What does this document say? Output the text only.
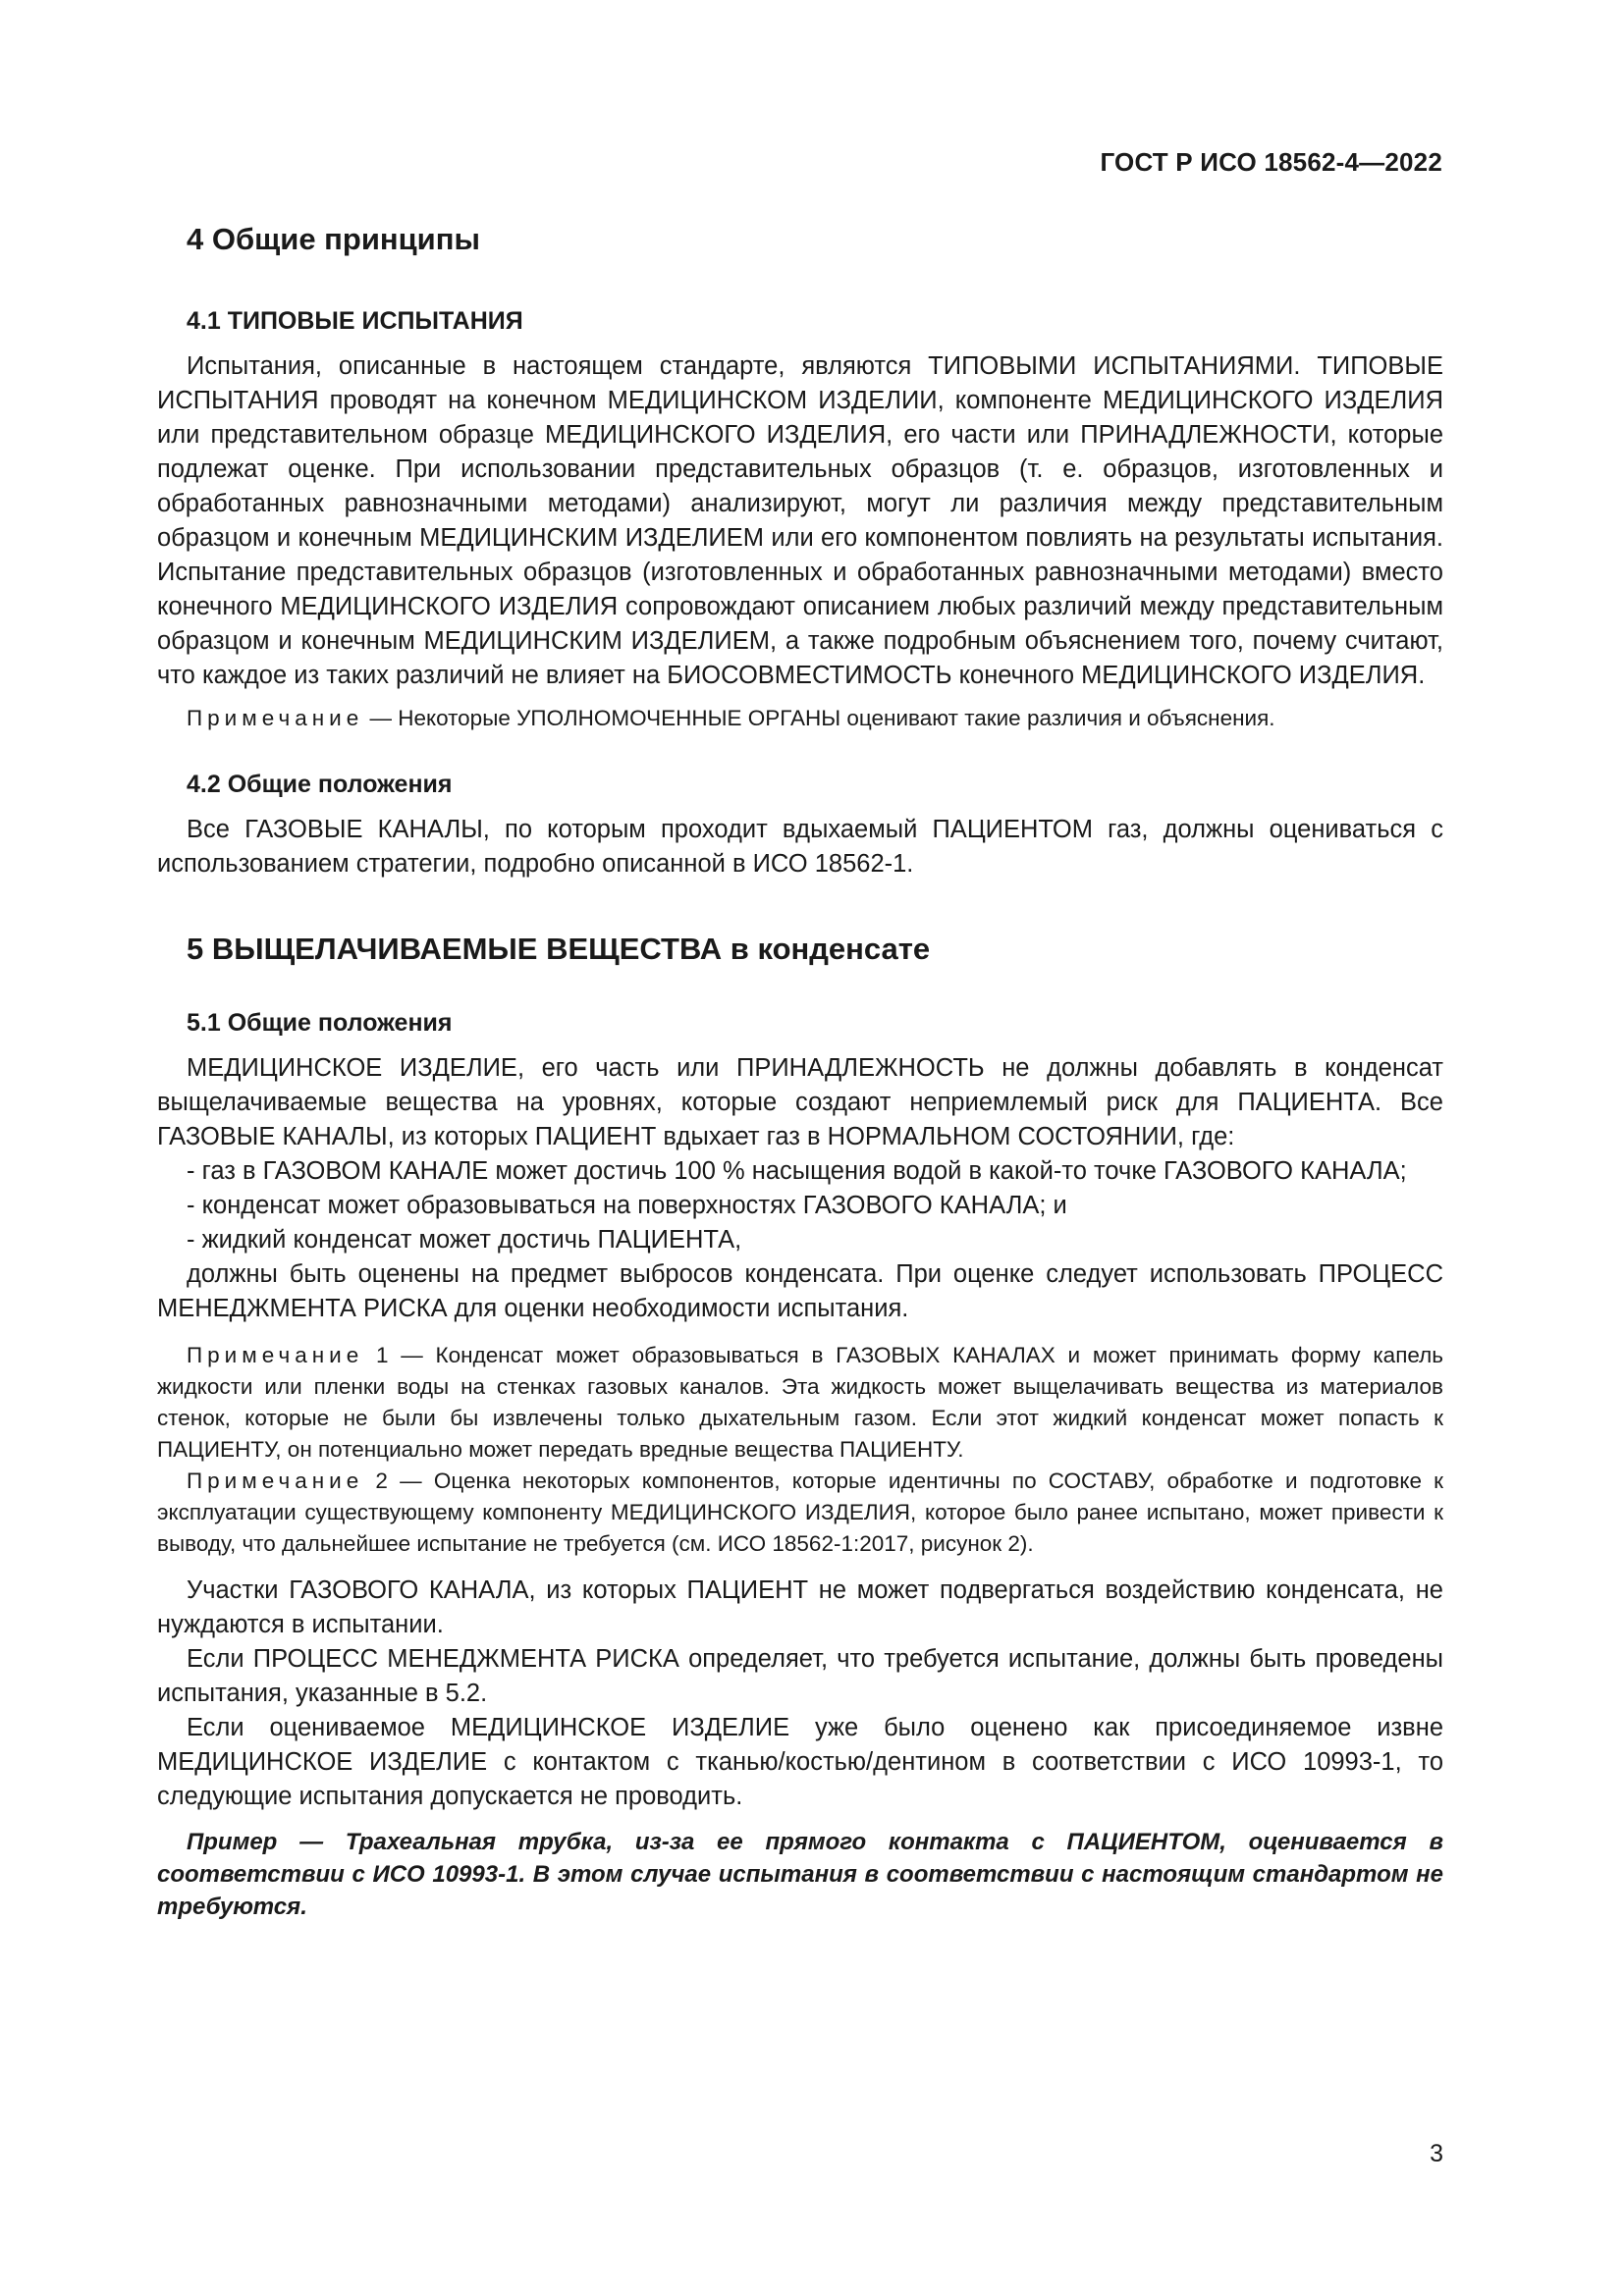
ГОСТ Р ИСО 18562-4—2022
4 Общие принципы
4.1 ТИПОВЫЕ ИСПЫТАНИЯ

Испытания, описанные в настоящем стандарте, являются ТИПОВЫМИ ИСПЫТАНИЯМИ. ТИПОВЫЕ ИСПЫТАНИЯ проводят на конечном МЕДИЦИНСКОМ ИЗДЕЛИИ, компоненте МЕДИЦИНСКОГО ИЗДЕЛИЯ или представительном образце МЕДИЦИНСКОГО ИЗДЕЛИЯ, его части или ПРИНАДЛЕЖНОСТИ, которые подлежат оценке. При использовании представительных образцов (т. е. образцов, изготовленных и обработанных равнозначными методами) анализируют, могут ли различия между представительным образцом и конечным МЕДИЦИНСКИМ ИЗДЕЛИЕМ или его компонентом повлиять на результаты испытания. Испытание представительных образцов (изготовленных и обработанных равнозначными методами) вместо конечного МЕДИЦИНСКОГО ИЗДЕЛИЯ сопровождают описанием любых различий между представительным образцом и конечным МЕДИЦИНСКИМ ИЗДЕЛИЕМ, а также подробным объяснением того, почему считают, что каждое из таких различий не влияет на БИОСОВМЕСТИМОСТЬ конечного МЕДИЦИНСКОГО ИЗДЕЛИЯ.

Примечание — Некоторые УПОЛНОМОЧЕННЫЕ ОРГАНЫ оценивают такие различия и объяснения.

4.2 Общие положения

Все ГАЗОВЫЕ КАНАЛЫ, по которым проходит вдыхаемый ПАЦИЕНТОМ газ, должны оцениваться с использованием стратегии, подробно описанной в ИСО 18562-1.

5 ВЫЩЕЛАЧИВАЕМЫЕ ВЕЩЕСТВА в конденсате
5.1 Общие положения

МЕДИЦИНСКОЕ ИЗДЕЛИЕ, его часть или ПРИНАДЛЕЖНОСТЬ не должны добавлять в конденсат выщелачиваемые вещества на уровнях, которые создают неприемлемый риск для ПАЦИЕНТА. Все ГАЗОВЫЕ КАНАЛЫ, из которых ПАЦИЕНТ вдыхает газ в НОРМАЛЬНОМ СОСТОЯНИИ, где:

- газ в ГАЗОВОМ КАНАЛЕ может достичь 100 % насыщения водой в какой-то точке ГАЗОВОГО КАНАЛА;

- конденсат может образовываться на поверхностях ГАЗОВОГО КАНАЛА; и

- жидкий конденсат может достичь ПАЦИЕНТА,

должны быть оценены на предмет выбросов конденсата. При оценке следует использовать ПРОЦЕСС МЕНЕДЖМЕНТА РИСКА для оценки необходимости испытания.

Примечание 1 — Конденсат может образовываться в ГАЗОВЫХ КАНАЛАХ и может принимать форму капель жидкости или пленки воды на стенках газовых каналов. Эта жидкость может выщелачивать вещества из материалов стенок, которые не были бы извлечены только дыхательным газом. Если этот жидкий конденсат может попасть к ПАЦИЕНТУ, он потенциально может передать вредные вещества ПАЦИЕНТУ.

Примечание 2 — Оценка некоторых компонентов, которые идентичны по СОСТАВУ, обработке и подготовке к эксплуатации существующему компоненту МЕДИЦИНСКОГО ИЗДЕЛИЯ, которое было ранее испытано, может привести к выводу, что дальнейшее испытание не требуется (см. ИСО 18562-1:2017, рисунок 2).

Участки ГАЗОВОГО КАНАЛА, из которых ПАЦИЕНТ не может подвергаться воздействию конденсата, не нуждаются в испытании.

Если ПРОЦЕСС МЕНЕДЖМЕНТА РИСКА определяет, что требуется испытание, должны быть проведены испытания, указанные в 5.2.

Если оцениваемое МЕДИЦИНСКОЕ ИЗДЕЛИЕ уже было оценено как присоединяемое извне МЕДИЦИНСКОЕ ИЗДЕЛИЕ с контактом с тканью/костью/дентином в соответствии с ИСО 10993-1, то следующие испытания допускается не проводить.

Пример — Трахеальная трубка, из-за ее прямого контакта с ПАЦИЕНТОМ, оценивается в соответствии с ИСО 10993-1. В этом случае испытания в соответствии с настоящим стандартом не требуются.

3
